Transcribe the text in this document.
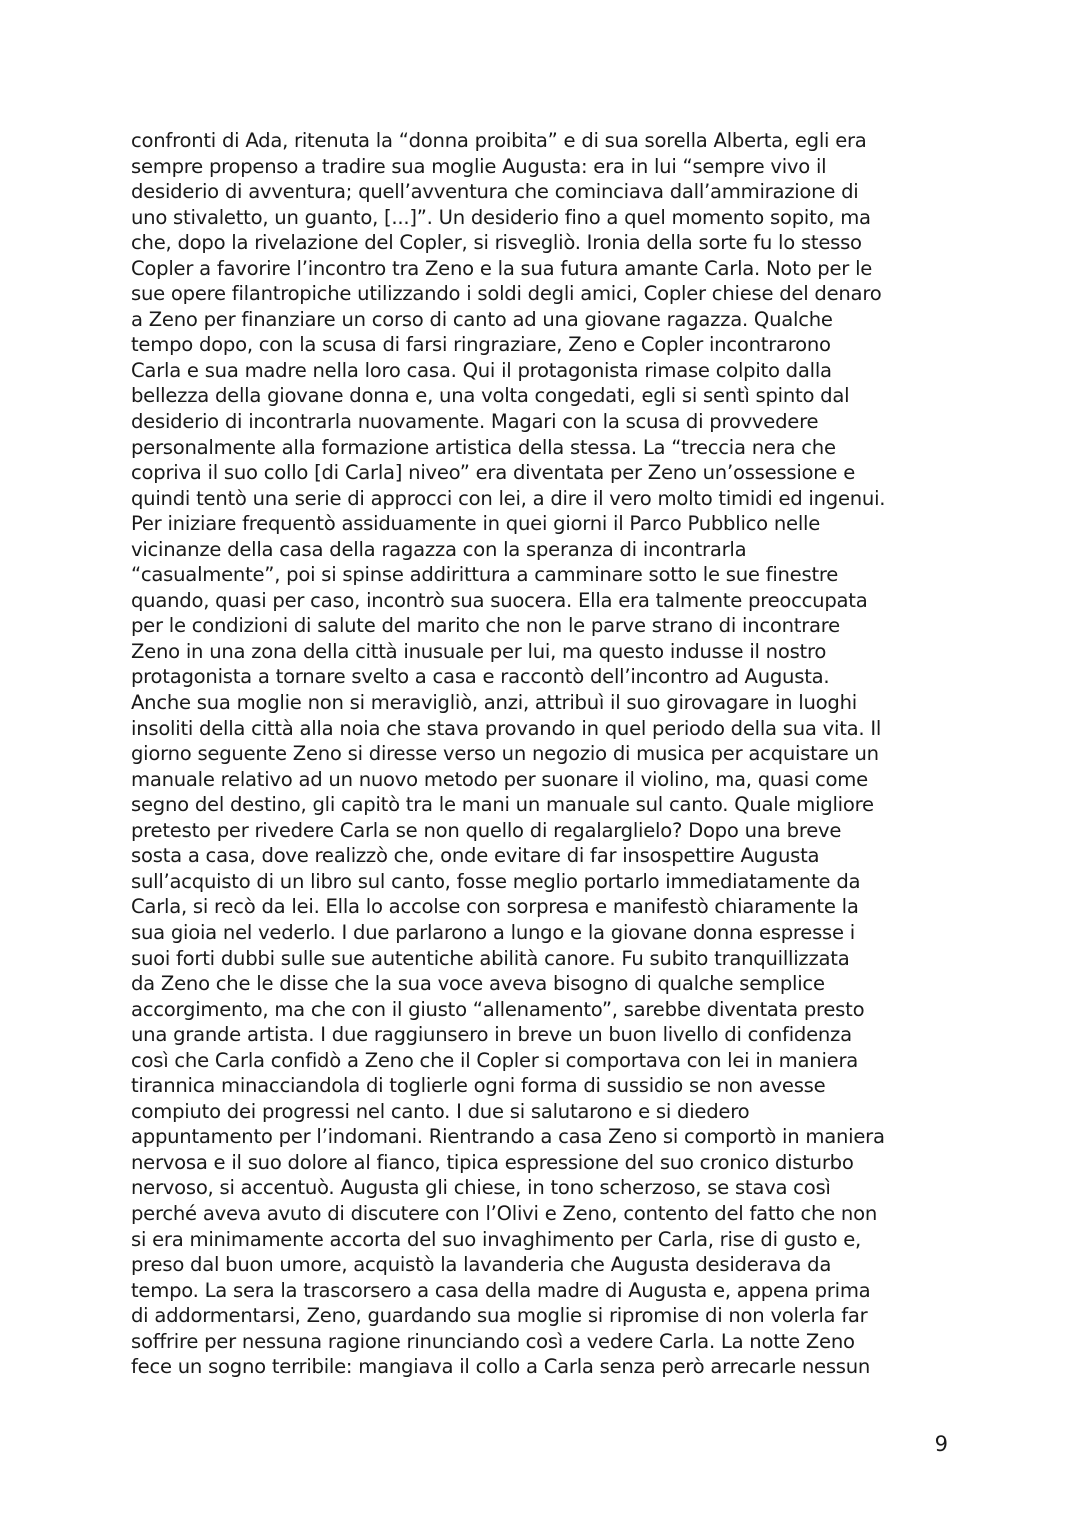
confronti di Ada, ritenuta la “donna proibita” e di sua sorella Alberta, egli era
sempre propenso a tradire sua moglie Augusta: era in lui “sempre vivo il
desiderio di avventura; quell’avventura che cominciava dall’ammirazione di
uno stivaletto, un guanto, [...]”. Un desiderio fino a quel momento sopito, ma
che, dopo la rivelazione del Copler, si risvegliò. Ironia della sorte fu lo stesso
Copler a favorire l’incontro tra Zeno e la sua futura amante Carla. Noto per le
sue opere filantropiche utilizzando i soldi degli amici, Copler chiese del denaro
a Zeno per finanziare un corso di canto ad una giovane ragazza. Qualche
tempo dopo, con la scusa di farsi ringraziare, Zeno e Copler incontrarono
Carla e sua madre nella loro casa. Qui il protagonista rimase colpito dalla
bellezza della giovane donna e, una volta congedati, egli si sentì spinto dal
desiderio di incontrarla nuovamente. Magari con la scusa di provvedere
personalmente alla formazione artistica della stessa. La “treccia nera che
copriva il suo collo [di Carla] niveo” era diventata per Zeno un’ossessione e
quindi tentò una serie di approcci con lei, a dire il vero molto timidi ed ingenui.
Per iniziare frequentò assiduamente in quei giorni il Parco Pubblico nelle
vicinanze della casa della ragazza con la speranza di incontrarla
“casualmente”, poi si spinse addirittura a camminare sotto le sue finestre
quando, quasi per caso, incontrò sua suocera. Ella era talmente preoccupata
per le condizioni di salute del marito che non le parve strano di incontrare
Zeno in una zona della città inusuale per lui, ma questo indusse il nostro
protagonista a tornare svelto a casa e raccontò dell’incontro ad Augusta.
Anche sua moglie non si meravigliò, anzi, attribuì il suo girovagare in luoghi
insoliti della città alla noia che stava provando in quel periodo della sua vita. Il
giorno seguente Zeno si diresse verso un negozio di musica per acquistare un
manuale relativo ad un nuovo metodo per suonare il violino, ma, quasi come
segno del destino, gli capitò tra le mani un manuale sul canto. Quale migliore
pretesto per rivedere Carla se non quello di regalarglielo? Dopo una breve
sosta a casa, dove realizzò che, onde evitare di far insospettire Augusta
sull’acquisto di un libro sul canto, fosse meglio portarlo immediatamente da
Carla, si recò da lei. Ella lo accolse con sorpresa e manifestò chiaramente la
sua gioia nel vederlo. I due parlarono a lungo e la giovane donna espresse i
suoi forti dubbi sulle sue autentiche abilità canore. Fu subito tranquillizzata
da Zeno che le disse che la sua voce aveva bisogno di qualche semplice
accorgimento, ma che con il giusto “allenamento”, sarebbe diventata presto
una grande artista. I due raggiunsero in breve un buon livello di confidenza
così che Carla confidò a Zeno che il Copler si comportava con lei in maniera
tirannica minacciandola di toglierle ogni forma di sussidio se non avesse
compiuto dei progressi nel canto. I due si salutarono e si diedero
appuntamento per l’indomani. Rientrando a casa Zeno si comportò in maniera
nervosa e il suo dolore al fianco, tipica espressione del suo cronico disturbo
nervoso, si accentuò. Augusta gli chiese, in tono scherzoso, se stava così
perché aveva avuto di discutere con l’Olivi e Zeno, contento del fatto che non
si era minimamente accorta del suo invaghimento per Carla, rise di gusto e,
preso dal buon umore, acquistò la lavanderia che Augusta desiderava da
tempo. La sera la trascorsero a casa della madre di Augusta e, appena prima
di addormentarsi, Zeno, guardando sua moglie si ripromise di non volerla far
soffrire per nessuna ragione rinunciando così a vedere Carla. La notte Zeno
fece un sogno terribile: mangiava il collo a Carla senza però arrecarle nessun
9
